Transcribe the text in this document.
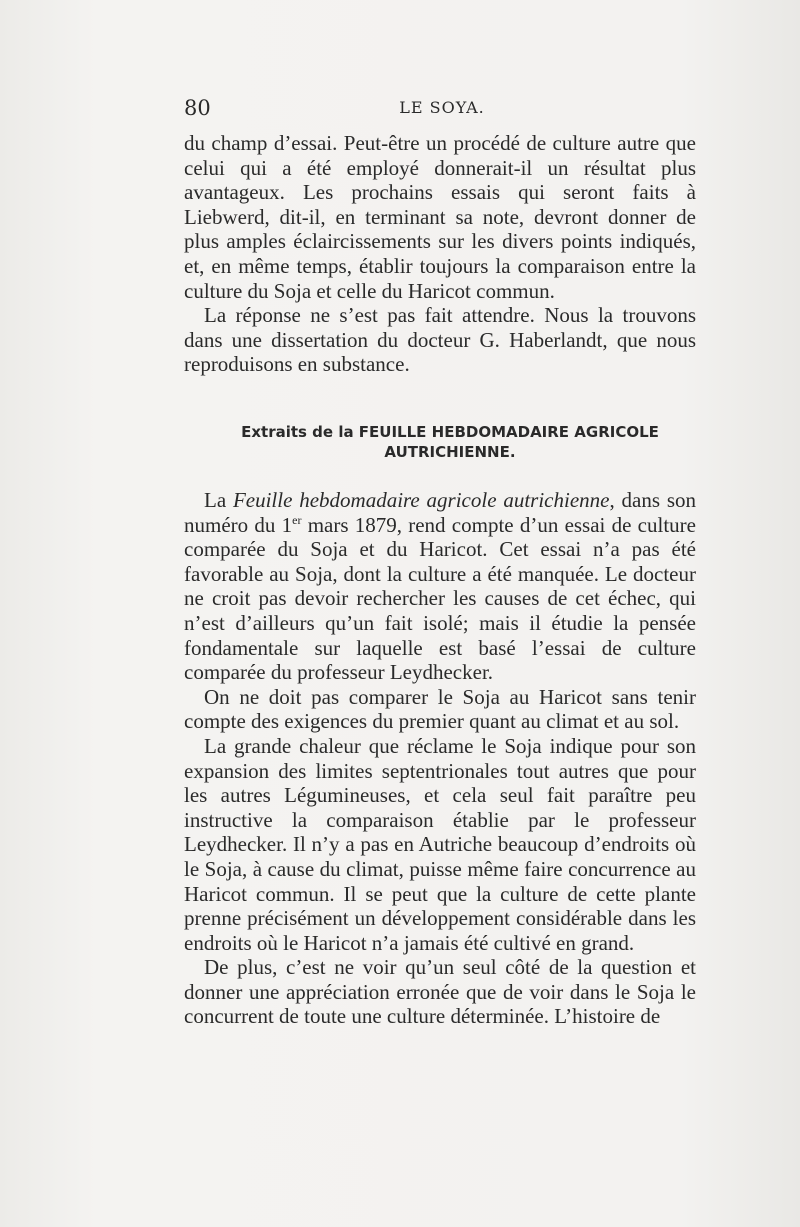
80	LE SOYA.

du champ d’essai. Peut-être un procédé de culture autre que celui qui a été employé donnerait-il un résultat plus avantageux. Les prochains essais qui seront faits à Liebwerd, dit-il, en terminant sa note, devront donner de plus amples éclaircissements sur les divers points indiqués, et, en même temps, établir toujours la comparaison entre la culture du Soja et celle du Haricot commun.

La réponse ne s’est pas fait attendre. Nous la trouvons dans une dissertation du docteur G. Haberlandt, que nous reproduisons en substance.

Extraits de la FEUILLE HEBDOMADAIRE AGRICOLE
AUTRICHIENNE.

La Feuille hebdomadaire agricole autrichienne, dans son numéro du 1er mars 1879, rend compte d’un essai de culture comparée du Soja et du Haricot. Cet essai n’a pas été favorable au Soja, dont la culture a été manquée. Le docteur ne croit pas devoir rechercher les causes de cet échec, qui n’est d’ailleurs qu’un fait isolé; mais il étudie la pensée fondamentale sur laquelle est basé l’essai de culture comparée du professeur Leydhecker.

On ne doit pas comparer le Soja au Haricot sans tenir compte des exigences du premier quant au climat et au sol.

La grande chaleur que réclame le Soja indique pour son expansion des limites septentrionales tout autres que pour les autres Légumineuses, et cela seul fait paraître peu instructive la comparaison établie par le professeur Leydhecker. Il n’y a pas en Autriche beaucoup d’endroits où le Soja, à cause du climat, puisse même faire concurrence au Haricot commun. Il se peut que la culture de cette plante prenne précisément un développement considérable dans les endroits où le Haricot n’a jamais été cultivé en grand.

De plus, c’est ne voir qu’un seul côté de la question et donner une appréciation erronée que de voir dans le Soja le concurrent de toute une culture déterminée. L’histoire de
